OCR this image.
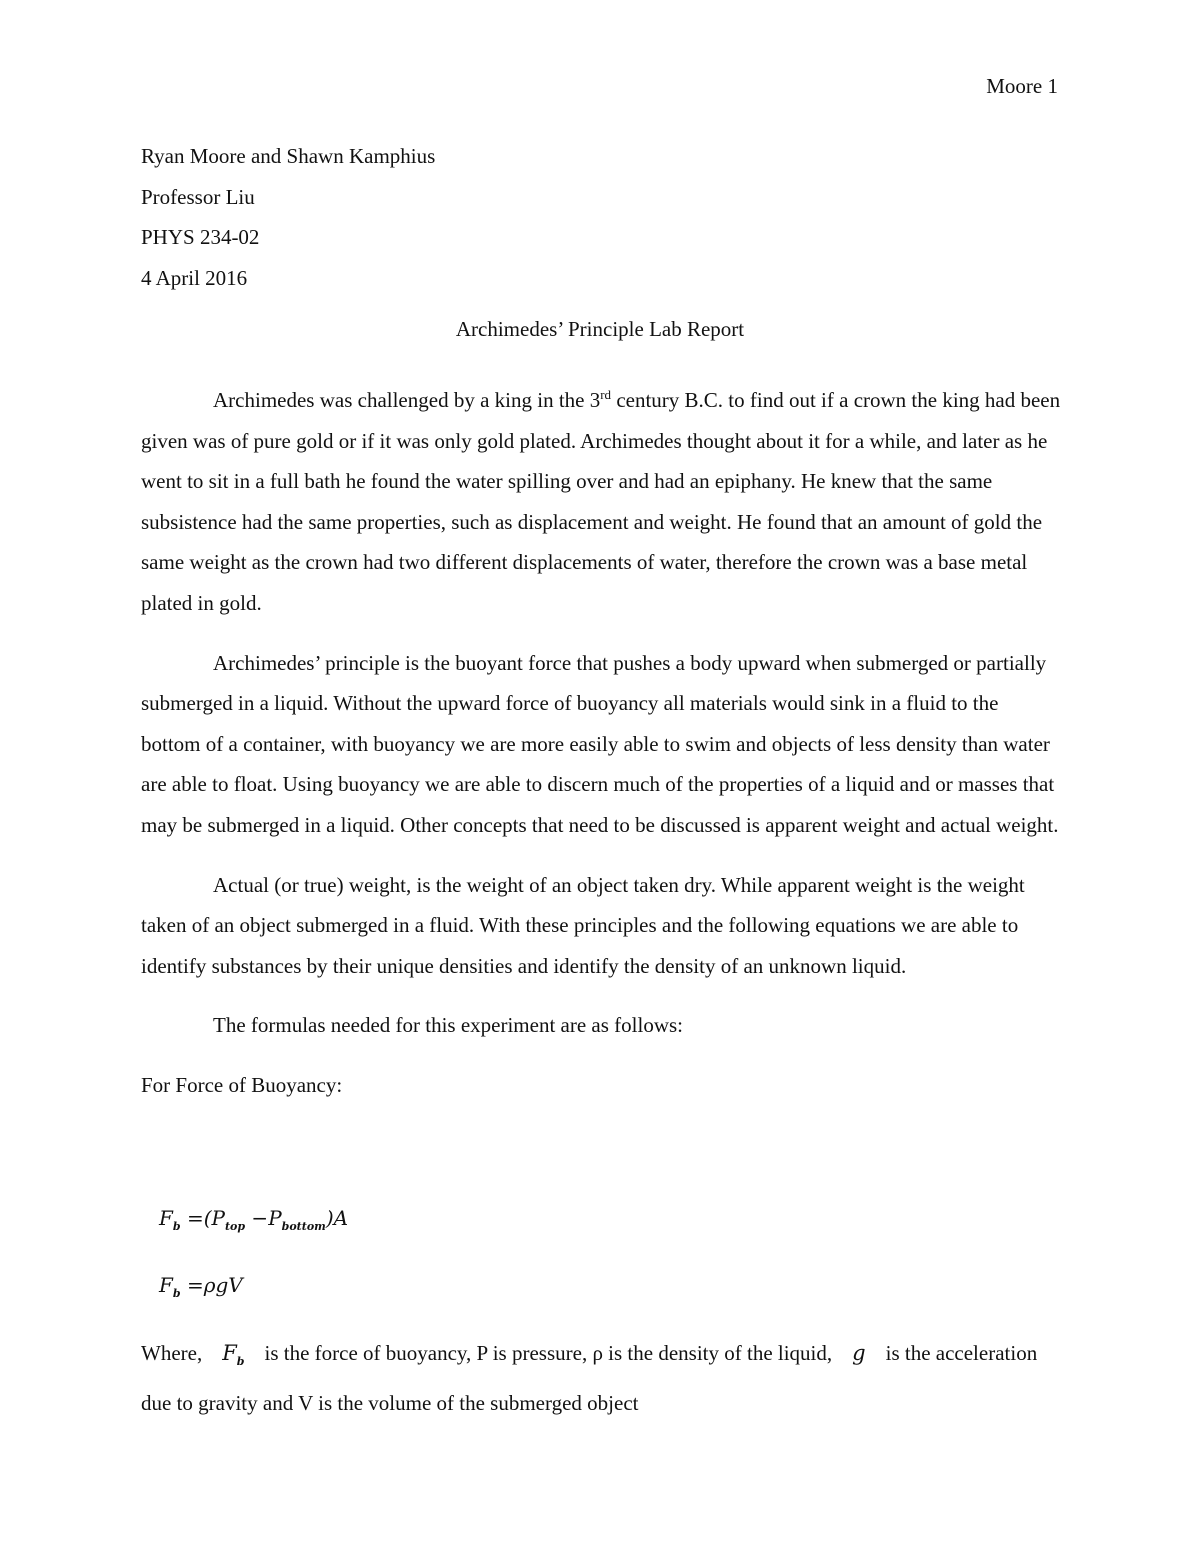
Moore 1
Ryan Moore and Shawn Kamphius
Professor Liu
PHYS 234-02
4 April 2016
Archimedes’ Principle Lab Report

Archimedes was challenged by a king in the 3rd century B.C. to find out if a crown the king had been given was of pure gold or if it was only gold plated. Archimedes thought about it for a while, and later as he went to sit in a full bath he found the water spilling over and had an epiphany. He knew that the same subsistence had the same properties, such as displacement and weight. He found that an amount of gold the same weight as the crown had two different displacements of water, therefore the crown was a base metal plated in gold.

Archimedes’ principle is the buoyant force that pushes a body upward when submerged or partially submerged in a liquid. Without the upward force of buoyancy all materials would sink in a fluid to the bottom of a container, with buoyancy we are more easily able to swim and objects of less density than water are able to float. Using buoyancy we are able to discern much of the properties of a liquid and or masses that may be submerged in a liquid. Other concepts that need to be discussed is apparent weight and actual weight.

Actual (or true) weight, is the weight of an object taken dry. While apparent weight is the weight taken of an object submerged in a fluid. With these principles and the following equations we are able to identify substances by their unique densities and identify the density of an unknown liquid.

The formulas needed for this experiment are as follows:

For Force of Buoyancy:

$F_b =(P_{top} -P_{bottom})A$
$F_b =\rho gV$
Where, $F_b$ is the force of buoyancy, P is pressure, ρ is the density of the liquid, g is the acceleration due to gravity and V is the volume of the submerged object
